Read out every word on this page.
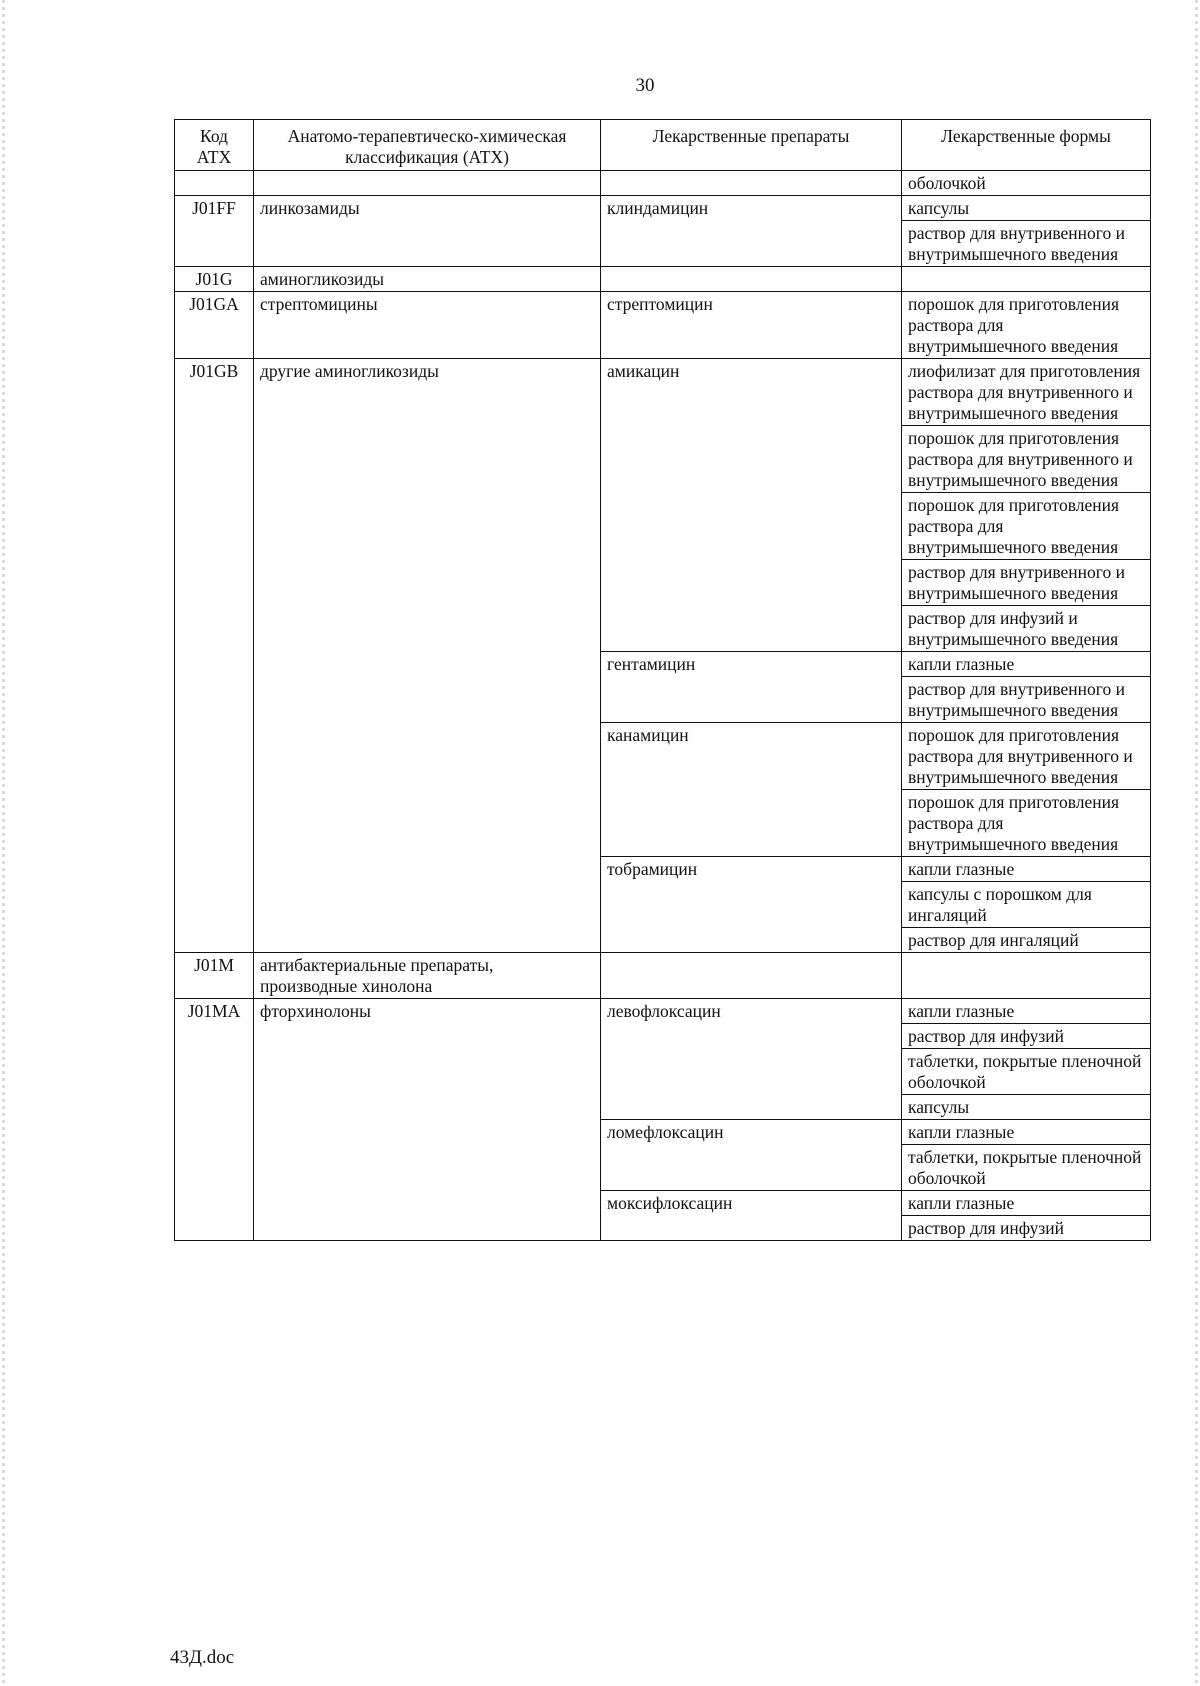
30
Код АТХ	Анатомо-терапевтическо-химическая классификация (АТХ)	Лекарственные препараты	Лекарственные формы
			оболочкой
J01FF	линкозамиды	клиндамицин	капсулы
			раствор для внутривенного и внутримышечного введения
J01G	аминогликозиды		
J01GA	стрептомицины	стрептомицин	порошок для приготовления раствора для внутримышечного введения
J01GB	другие аминогликозиды	амикацин	лиофилизат для приготовления раствора для внутривенного и внутримышечного введения
			порошок для приготовления раствора для внутривенного и внутримышечного введения
			порошок для приготовления раствора для внутримышечного введения
			раствор для внутривенного и внутримышечного введения
			раствор для инфузий и внутримышечного введения
		гентамицин	капли глазные
			раствор для внутривенного и внутримышечного введения
		канамицин	порошок для приготовления раствора для внутривенного и внутримышечного введения
			порошок для приготовления раствора для внутримышечного введения
		тобрамицин	капли глазные
			капсулы с порошком для ингаляций
			раствор для ингаляций
J01M	антибактериальные препараты, производные хинолона		
J01MA	фторхинолоны	левофлоксацин	капли глазные
			раствор для инфузий
			таблетки, покрытые пленочной оболочкой
			капсулы
		ломефлоксацин	капли глазные
			таблетки, покрытые пленочной оболочкой
		моксифлоксацин	капли глазные
			раствор для инфузий
43Д.doc
